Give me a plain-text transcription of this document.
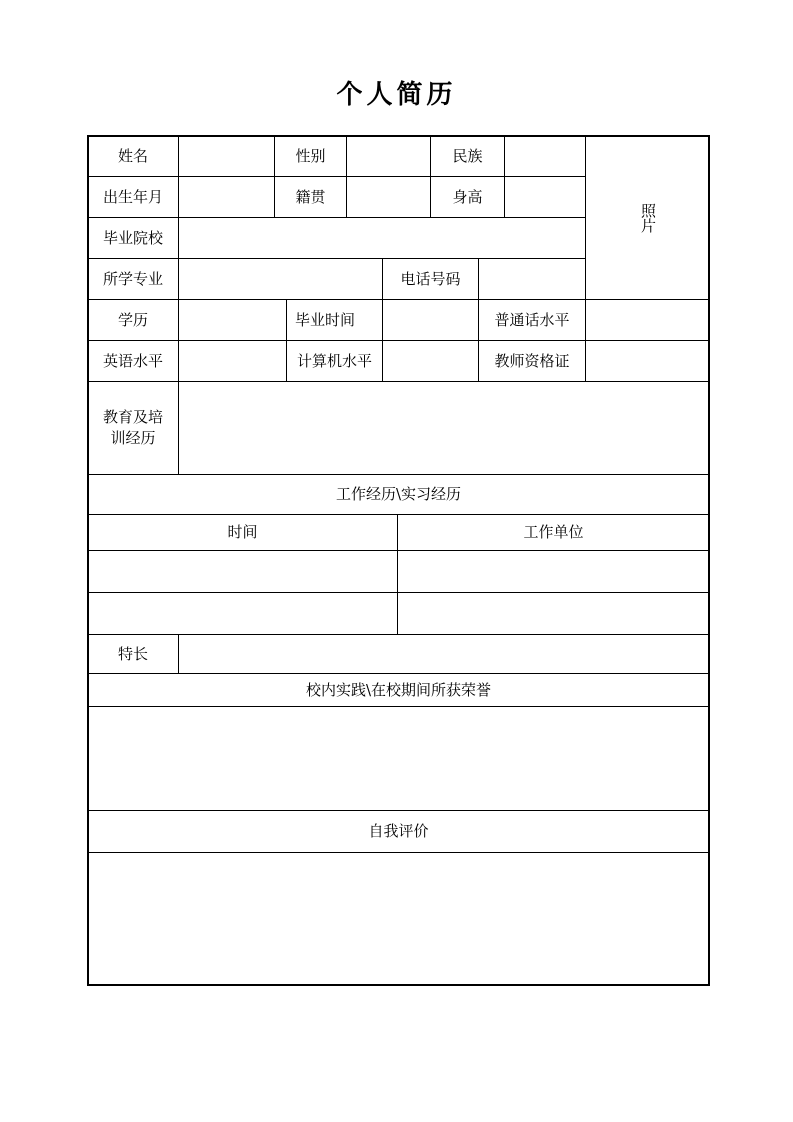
个人简历
姓名	性别	民族
照片
出生年月	籍贯	身高
毕业院校
所学专业	电话号码
学历	毕业时间	普通话水平
英语水平	计算机水平	教师资格证
教育及培训经历
工作经历\实习经历
时间	工作单位
特长
校内实践\在校期间所获荣誉
自我评价
